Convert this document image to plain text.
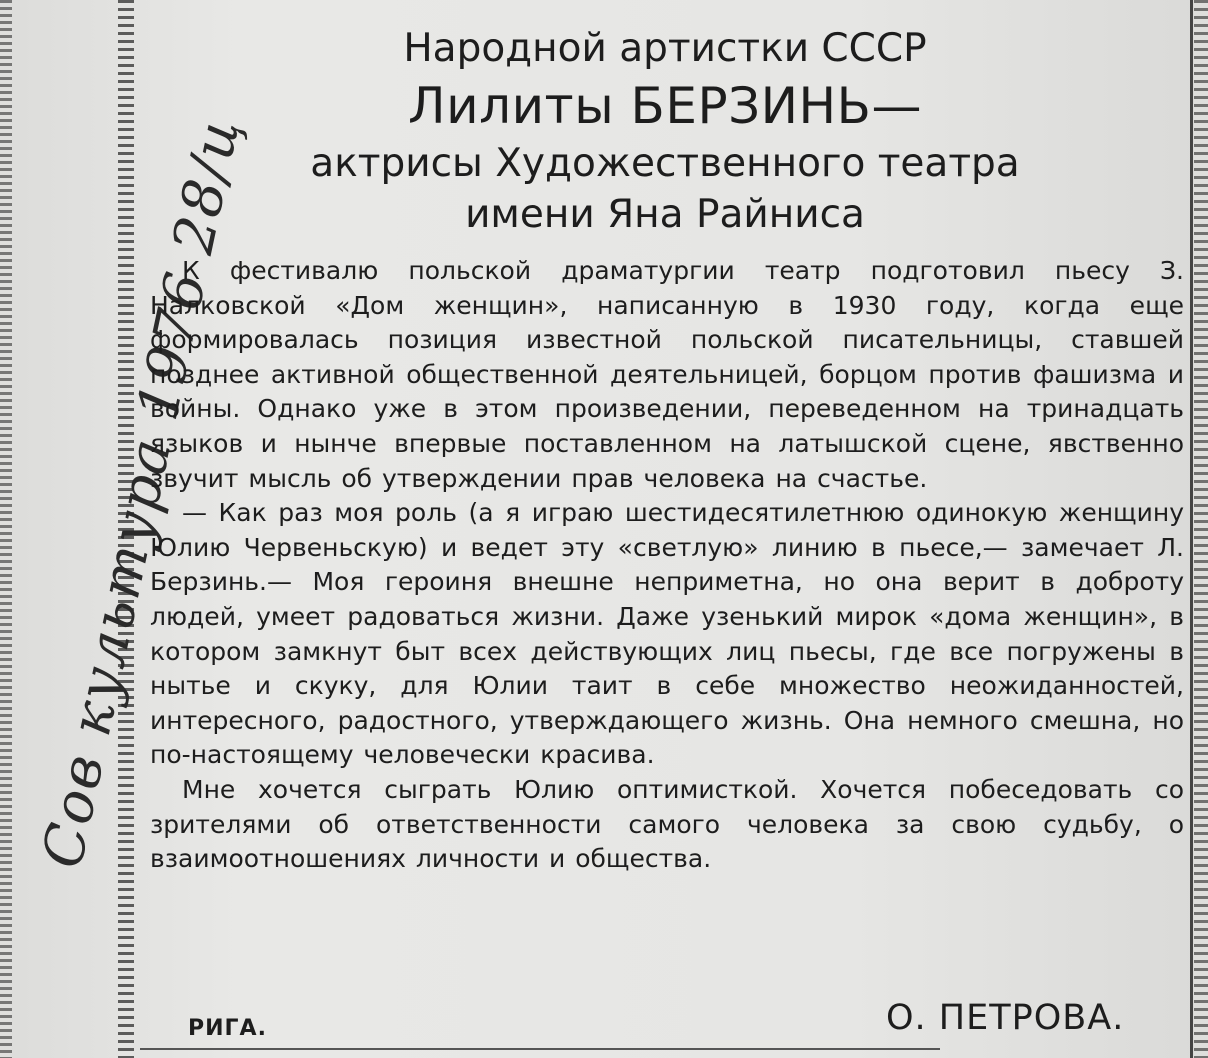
Сов культура 1976 28/ц
Народной артистки СССР
Лилиты БЕРЗИНЬ—
актрисы Художественного театра
имени Яна Райниса

К фестивалю польской драматургии театр подготовил пьесу З. Налковской «Дом женщин», написанную в 1930 году, когда еще формировалась позиция известной польской писательницы, ставшей позднее активной общественной деятельницей, борцом против фашизма и войны. Однако уже в этом произведении, переведенном на тринадцать языков и нынче впервые поставленном на латышской сцене, явственно звучит мысль об утверждении прав человека на счастье.

— Как раз моя роль (а я играю шестидесятилетнюю одинокую женщину Юлию Червеньскую) и ведет эту «светлую» линию в пьесе,— замечает Л. Берзинь.— Моя героиня внешне неприметна, но она верит в доброту людей, умеет радоваться жизни. Даже узенький мирок «дома женщин», в котором замкнут быт всех действующих лиц пьесы, где все погружены в нытье и скуку, для Юлии таит в себе множество неожиданностей, интересного, радостного, утверждающего жизнь. Она немного смешна, но по-настоящему человечески красива.

Мне хочется сыграть Юлию оптимисткой. Хочется побеседовать со зрителями об ответственности самого человека за свою судьбу, о взаимоотношениях личности и общества.

РИГА.	О. ПЕТРОВА.
